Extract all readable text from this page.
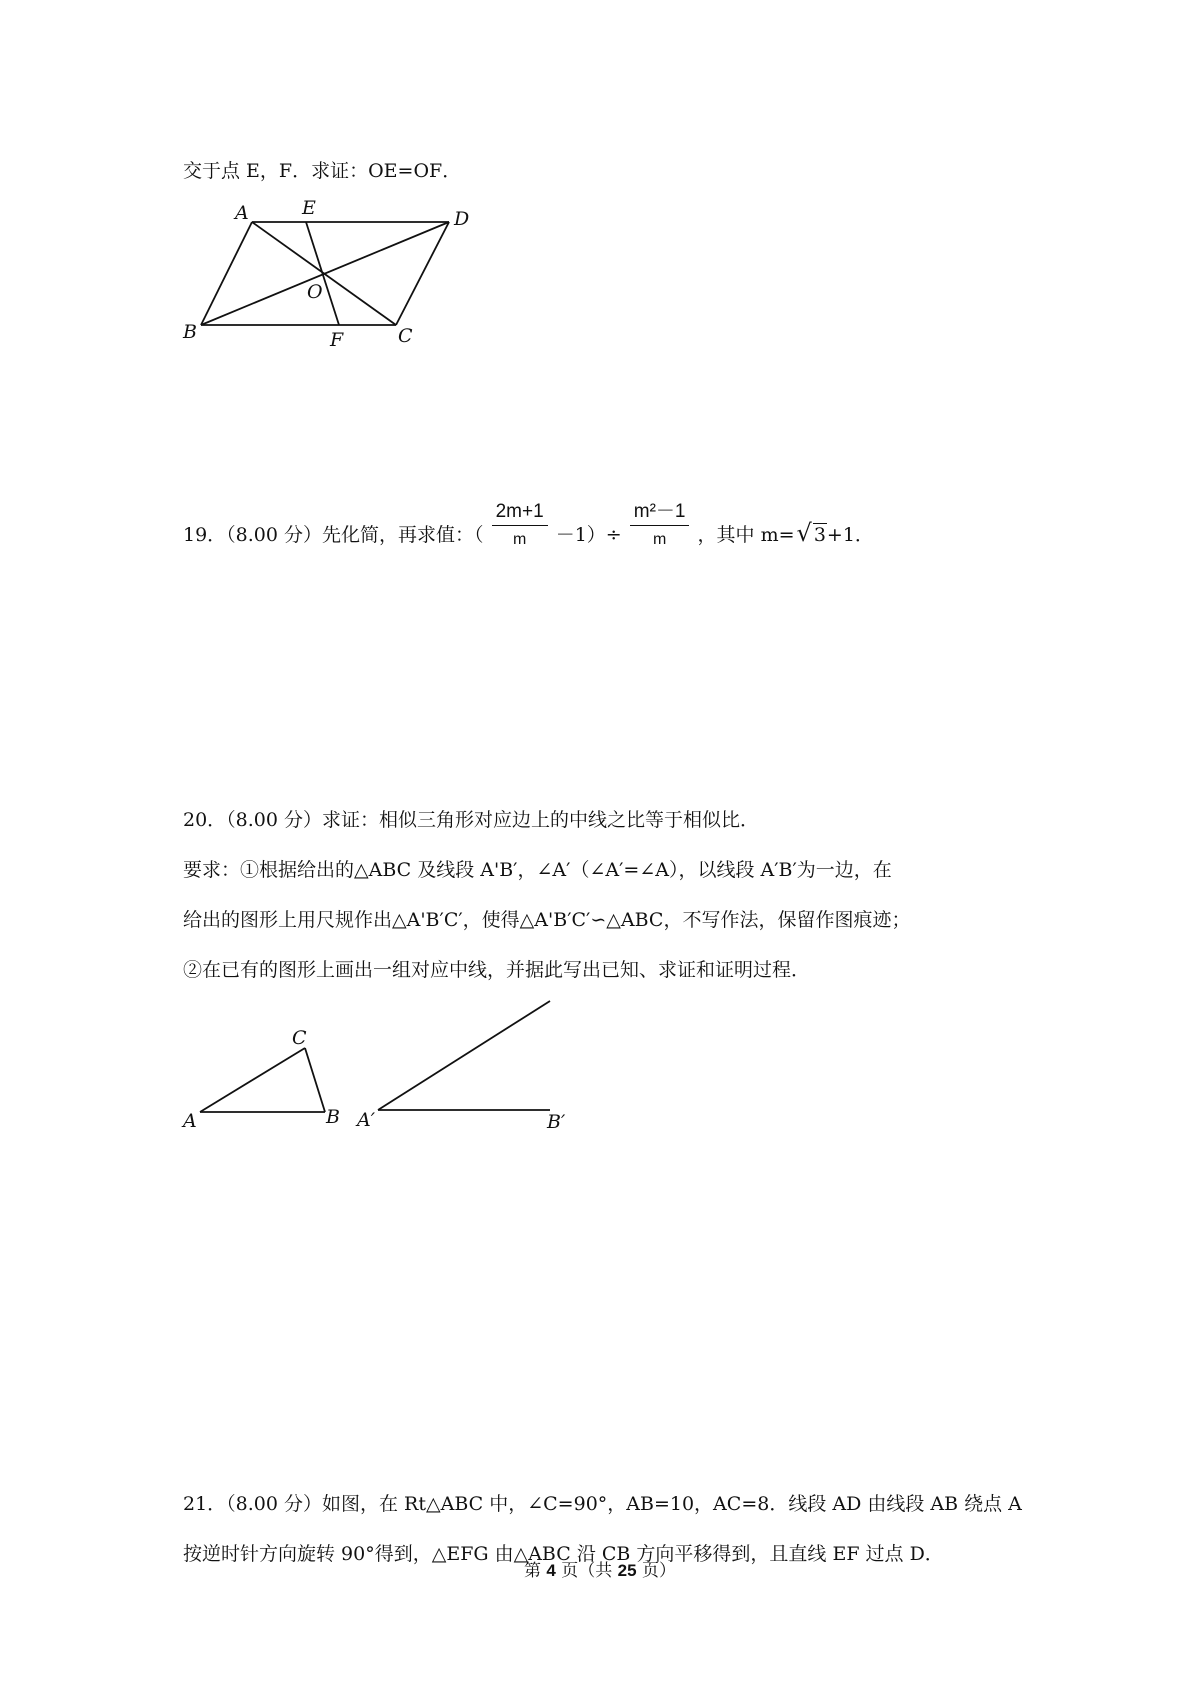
交于点 E，F．求证：OE=OF．
A	E	D
O
B	F	C
19．（8.00 分）先化简，再求值：（ $\frac{2m+1}{m} -1)\div \frac{\text{m²－1}}{m}$ ，其中 m=√ 3+1．
20．（8.00 分）求证：相似三角形对应边上的中线之比等于相似比．
要求：①根据给出的△ABC 及线段 A'B′，∠A′（∠A′=∠A），以线段 A′B′为一边，在
给出的图形上用尺规作出△A'B′C′，使得△A'B′C′∽△ABC，不写作法，保留作图痕迹；
②在已有的图形上画出一组对应中线，并据此写出已知、求证和证明过程．
A	B
C
A′	B′
21．（8.00 分）如图，在 Rt△ABC 中，∠C=90°，AB=10，AC=8．线段 AD 由线段 AB 绕点 A
按逆时针方向旋转 90°得到，△EFG 由△ABC 沿 CB 方向平移得到，且直线 EF 过点 D．
第 4 页（共 25 页）
